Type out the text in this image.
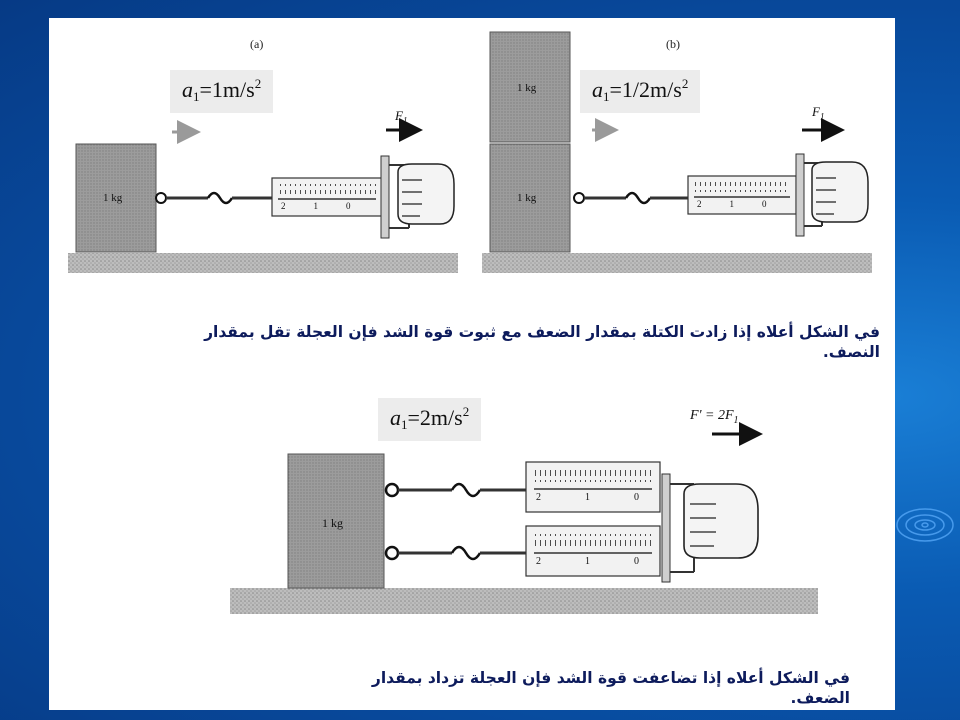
(a)
$a_1=1m/s^2$
1 kg
$F_1$
210
(b)
$a_1=1/2m/s^2$
1 kg
1 kg
$F_1$
210
في الشكل أعلاه إذا زادت الكتلة بمقدار الضعف مع ثبوت قوة الشد فإن العجلة تقل بمقدار النصف.
$a_1=2m/s^2$
1 kg
$F' = 2F_1$
210
210
في الشكل أعلاه إذا تضاعفت قوة الشد فإن العجلة تزداد بمقدار الضعف.
